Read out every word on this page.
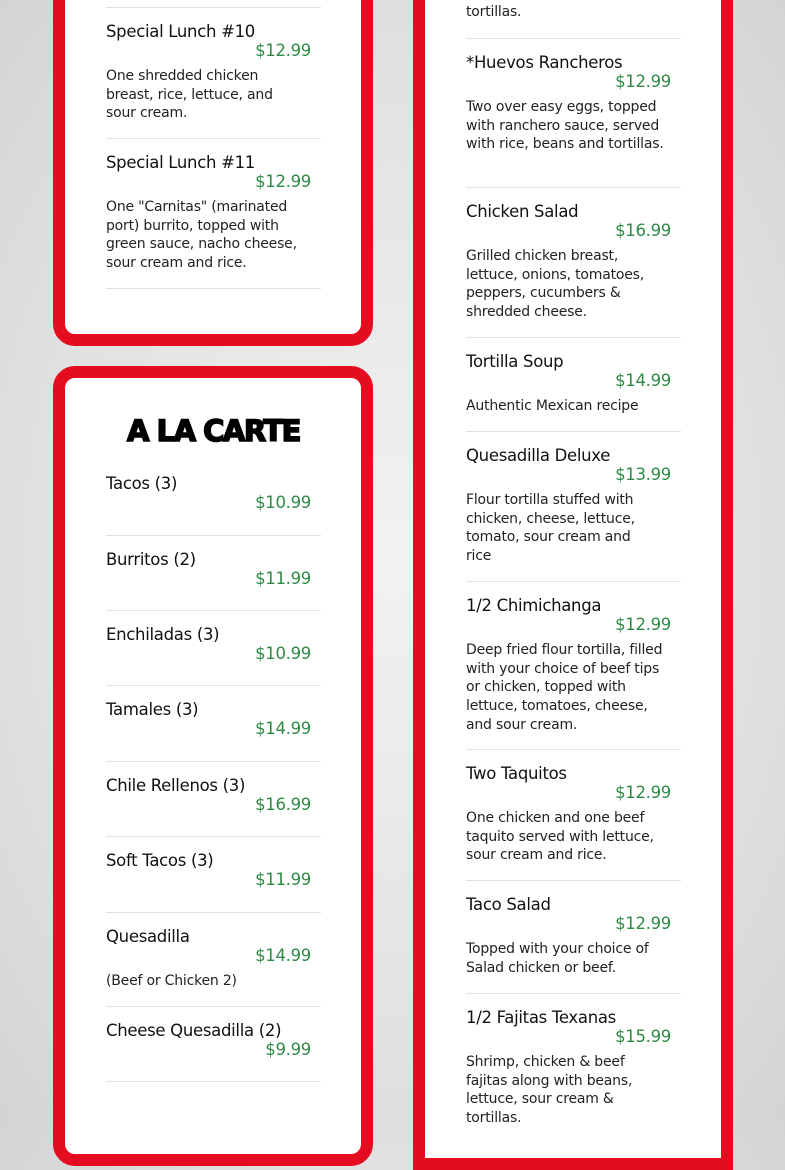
Special Lunch #10
$12.99
One shredded chicken breast, rice, lettuce, and sour cream.
Special Lunch #11
$12.99
One "Carnitas" (marinated port) burrito, topped with green sauce, nacho cheese, sour cream and rice.
A LA CARTE
Tacos (3)
$10.99
Burritos (2)
$11.99
Enchiladas (3)
$10.99
Tamales (3)
$14.99
Chile Rellenos (3)
$16.99
Soft Tacos (3)
$11.99
Quesadilla
$14.99
(Beef or Chicken 2)
Cheese Quesadilla (2)
$9.99
tortillas.
*Huevos Rancheros
$12.99
Two over easy eggs, topped with ranchero sauce, served with rice, beans and tortillas.
Chicken Salad
$16.99
Grilled chicken breast, lettuce, onions, tomatoes, peppers, cucumbers & shredded cheese.
Tortilla Soup
$14.99
Authentic Mexican recipe
Quesadilla Deluxe
$13.99
Flour tortilla stuffed with chicken, cheese, lettuce, tomato, sour cream and rice
1/2 Chimichanga
$12.99
Deep fried flour tortilla, filled with your choice of beef tips or chicken, topped with lettuce, tomatoes, cheese, and sour cream.
Two Taquitos
$12.99
One chicken and one beef taquito served with lettuce, sour cream and rice.
Taco Salad
$12.99
Topped with your choice of Salad chicken or beef.
1/2 Fajitas Texanas
$15.99
Shrimp, chicken & beef fajitas along with beans, lettuce, sour cream & tortillas.
